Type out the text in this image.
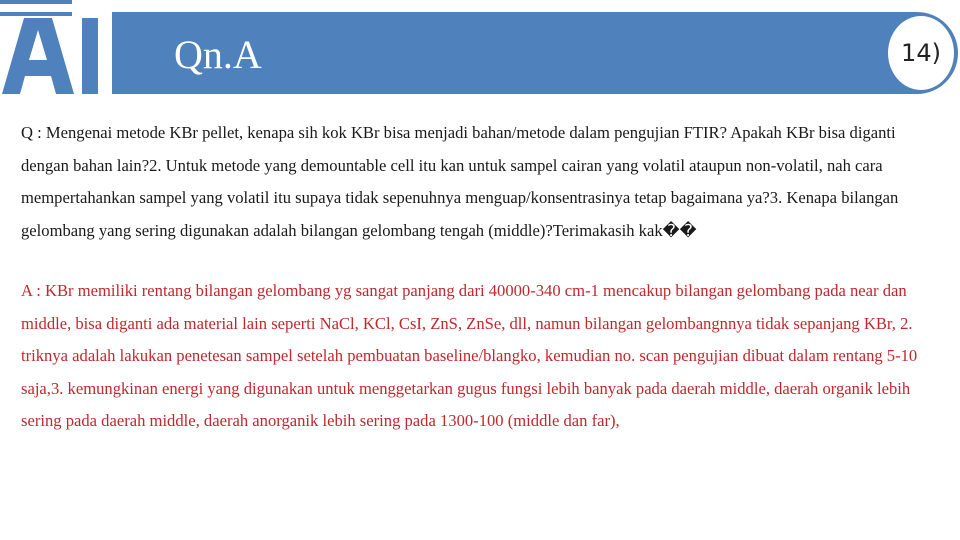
Qn.A	14)

Q : Mengenai metode KBr pellet, kenapa sih kok KBr bisa menjadi bahan/metode dalam pengujian FTIR? Apakah KBr bisa diganti dengan bahan lain?2. Untuk metode yang demountable cell itu kan untuk sampel cairan yang volatil ataupun non-volatil, nah cara mempertahankan sampel yang volatil itu supaya tidak sepenuhnya menguap/konsentrasinya tetap bagaimana ya?3. Kenapa bilangan gelombang yang sering digunakan adalah bilangan gelombang tengah (middle)?Terimakasih kak��

A : KBr memiliki rentang bilangan gelombang yg sangat panjang dari 40000-340 cm-1 mencakup bilangan gelombang pada near dan middle, bisa diganti ada material lain seperti NaCl, KCl, CsI, ZnS, ZnSe, dll, namun bilangan gelombangnnya tidak sepanjang KBr, 2. triknya adalah lakukan penetesan sampel setelah pembuatan baseline/blangko, kemudian no. scan pengujian dibuat dalam rentang 5-10 saja,3. kemungkinan energi yang digunakan untuk menggetarkan gugus fungsi lebih banyak pada daerah middle, daerah organik lebih sering pada daerah middle, daerah anorganik lebih sering pada 1300-100 (middle dan far),
